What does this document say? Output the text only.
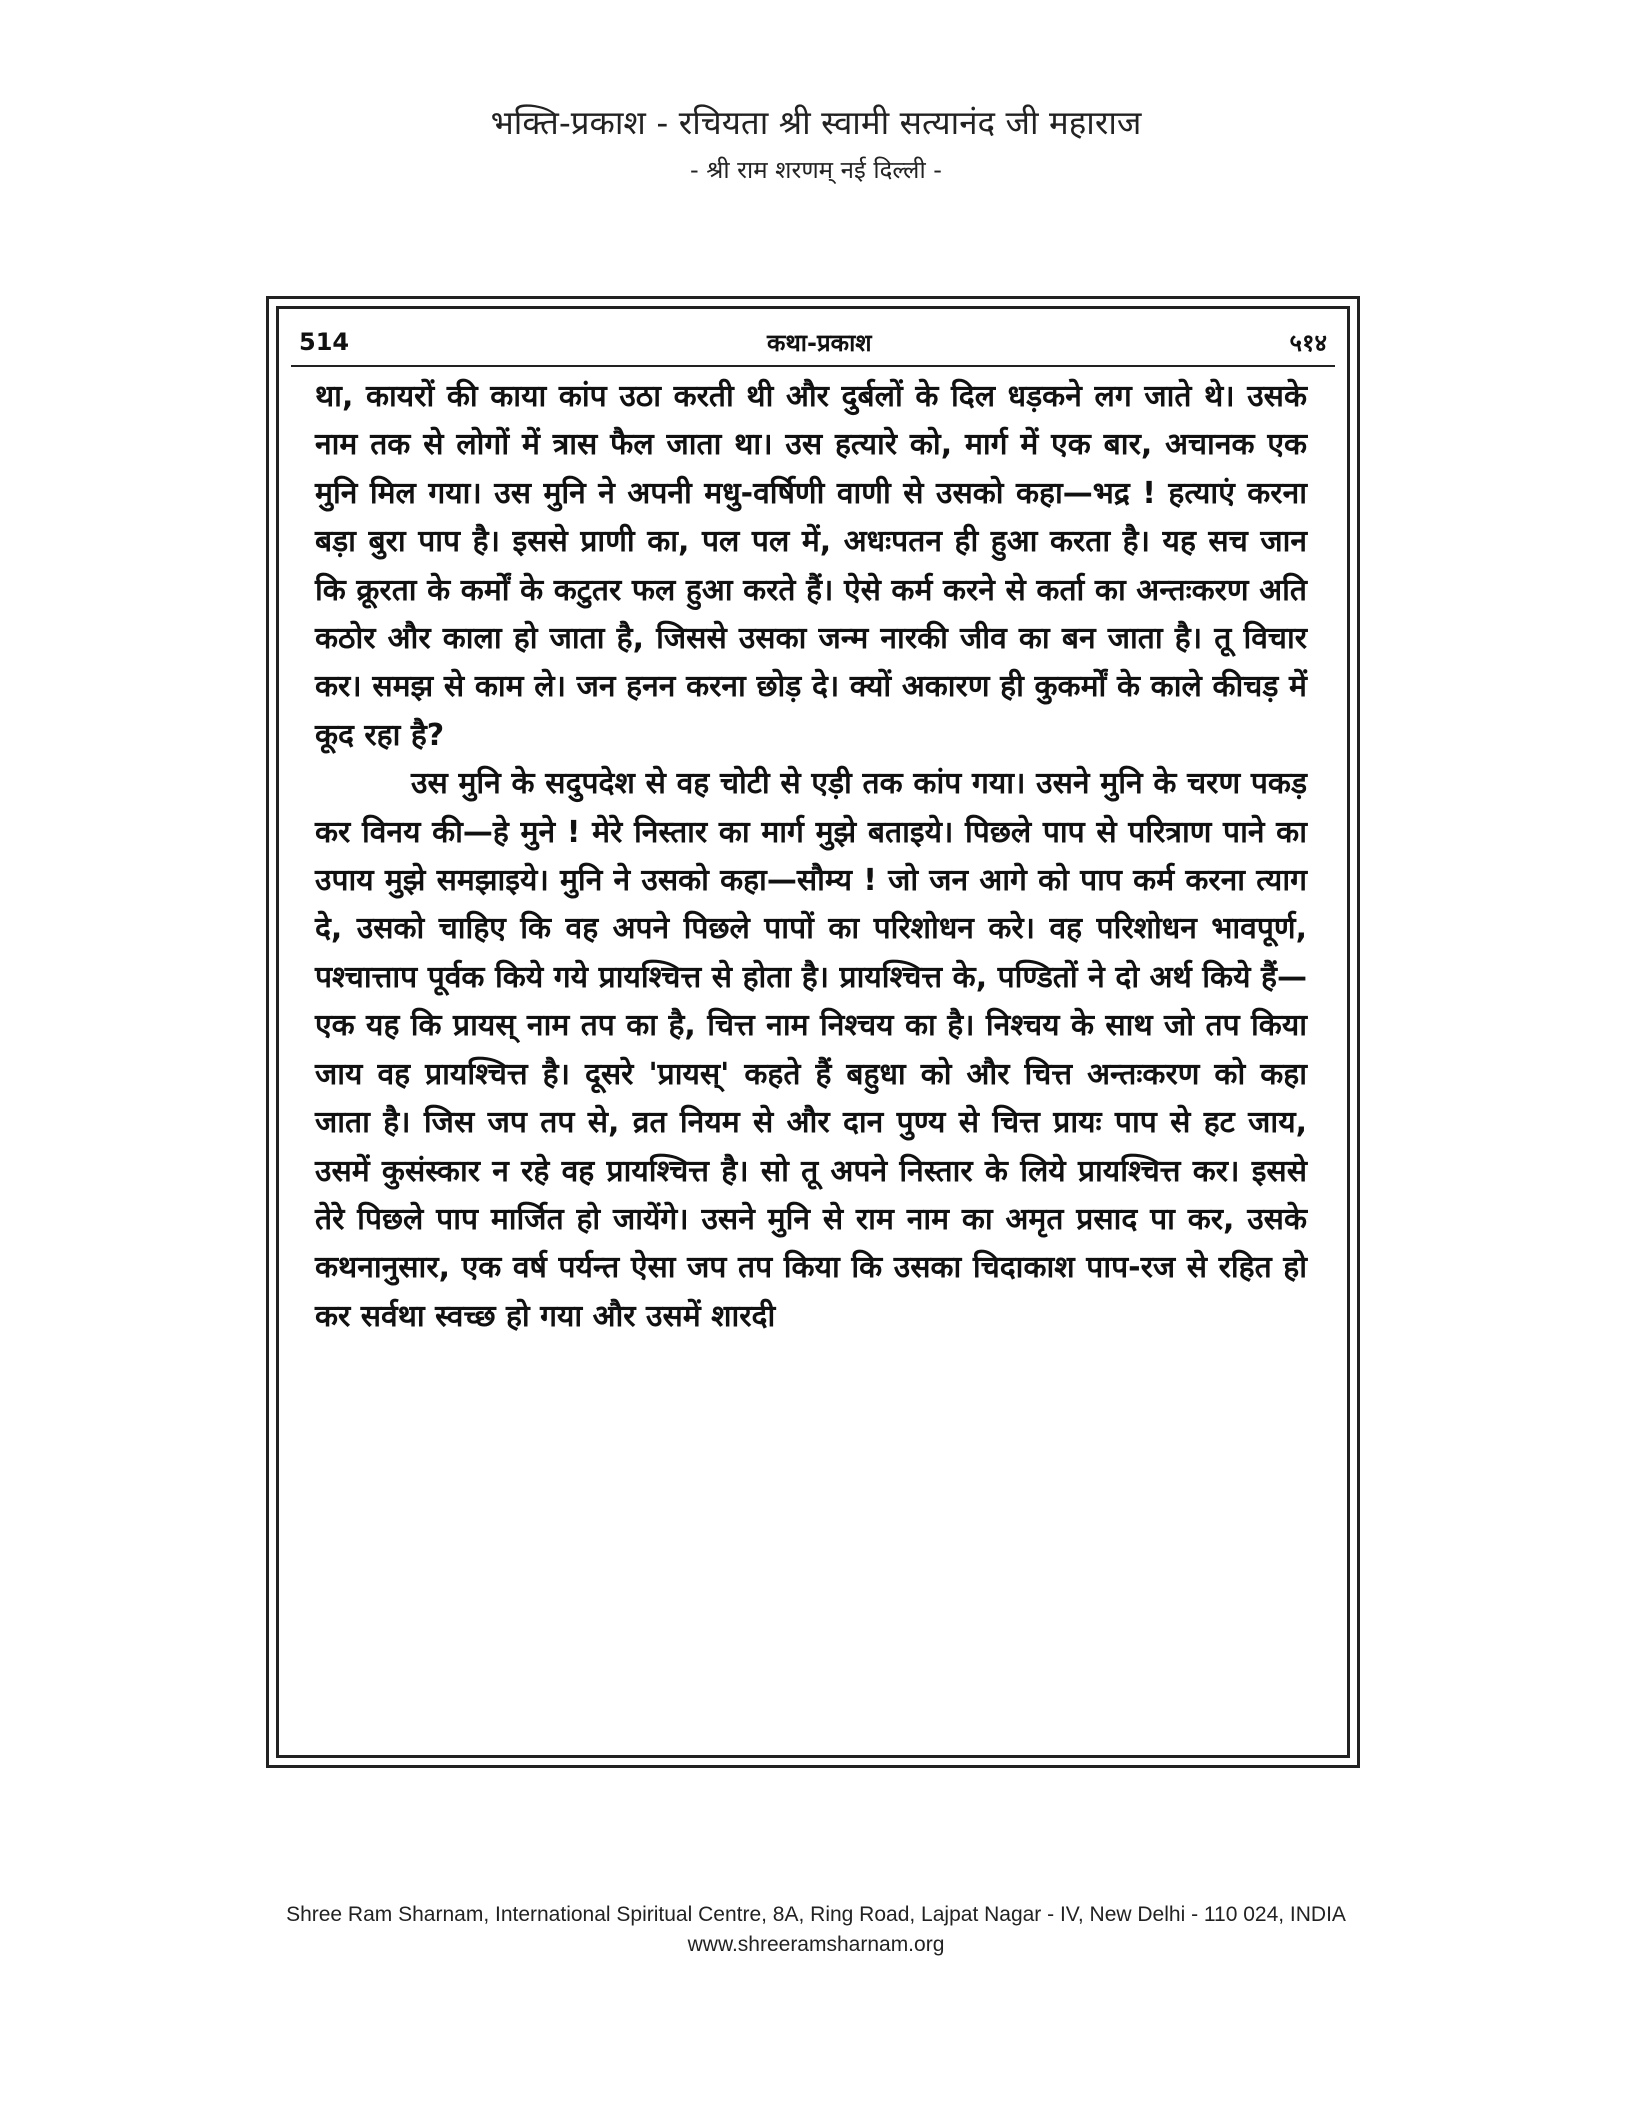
भक्ति-प्रकाश - रचियता श्री स्वामी सत्यानंद जी महाराज
- श्री राम शरणम् नई दिल्ली -
514	कथा-प्रकाश	५१४

था, कायरों की काया कांप उठा करती थी और दुर्बलों के दिल धड़कने लग जाते थे। उसके नाम तक से लोगों में त्रास फैल जाता था। उस हत्यारे को, मार्ग में एक बार, अचानक एक मुनि मिल गया। उस मुनि ने अपनी मधु-वर्षिणी वाणी से उसको कहा—भद्र ! हत्याएं करना बड़ा बुरा पाप है। इससे प्राणी का, पल पल में, अधःपतन ही हुआ करता है। यह सच जान कि क्रूरता के कर्मों के कटुतर फल हुआ करते हैं। ऐसे कर्म करने से कर्ता का अन्तःकरण अति कठोर और काला हो जाता है, जिससे उसका जन्म नारकी जीव का बन जाता है। तू विचार कर। समझ से काम ले। जन हनन करना छोड़ दे। क्यों अकारण ही कुकर्मों के काले कीचड़ में कूद रहा है?

उस मुनि के सदुपदेश से वह चोटी से एड़ी तक कांप गया। उसने मुनि के चरण पकड़ कर विनय की—हे मुने ! मेरे निस्तार का मार्ग मुझे बताइये। पिछले पाप से परित्राण पाने का उपाय मुझे समझाइये। मुनि ने उसको कहा—सौम्य ! जो जन आगे को पाप कर्म करना त्याग दे, उसको चाहिए कि वह अपने पिछले पापों का परिशोधन करे। वह परिशोधन भावपूर्ण, पश्चात्ताप पूर्वक किये गये प्रायश्चित्त से होता है। प्रायश्चित्त के, पण्डितों ने दो अर्थ किये हैं—एक यह कि प्रायस् नाम तप का है, चित्त नाम निश्चय का है। निश्चय के साथ जो तप किया जाय वह प्रायश्चित्त है। दूसरे 'प्रायस्' कहते हैं बहुधा को और चित्त अन्तःकरण को कहा जाता है। जिस जप तप से, व्रत नियम से और दान पुण्य से चित्त प्रायः पाप से हट जाय, उसमें कुसंस्कार न रहे वह प्रायश्चित्त है। सो तू अपने निस्तार के लिये प्रायश्चित्त कर। इससे तेरे पिछले पाप मार्जित हो जायेंगे। उसने मुनि से राम नाम का अमृत प्रसाद पा कर, उसके कथनानुसार, एक वर्ष पर्यन्त ऐसा जप तप किया कि उसका चिदाकाश पाप-रज से रहित हो कर सर्वथा स्वच्छ हो गया और उसमें शारदी

Shree Ram Sharnam, International Spiritual Centre, 8A, Ring Road, Lajpat Nagar - IV, New Delhi - 110 024, INDIA
www.shreeramsharnam.org
